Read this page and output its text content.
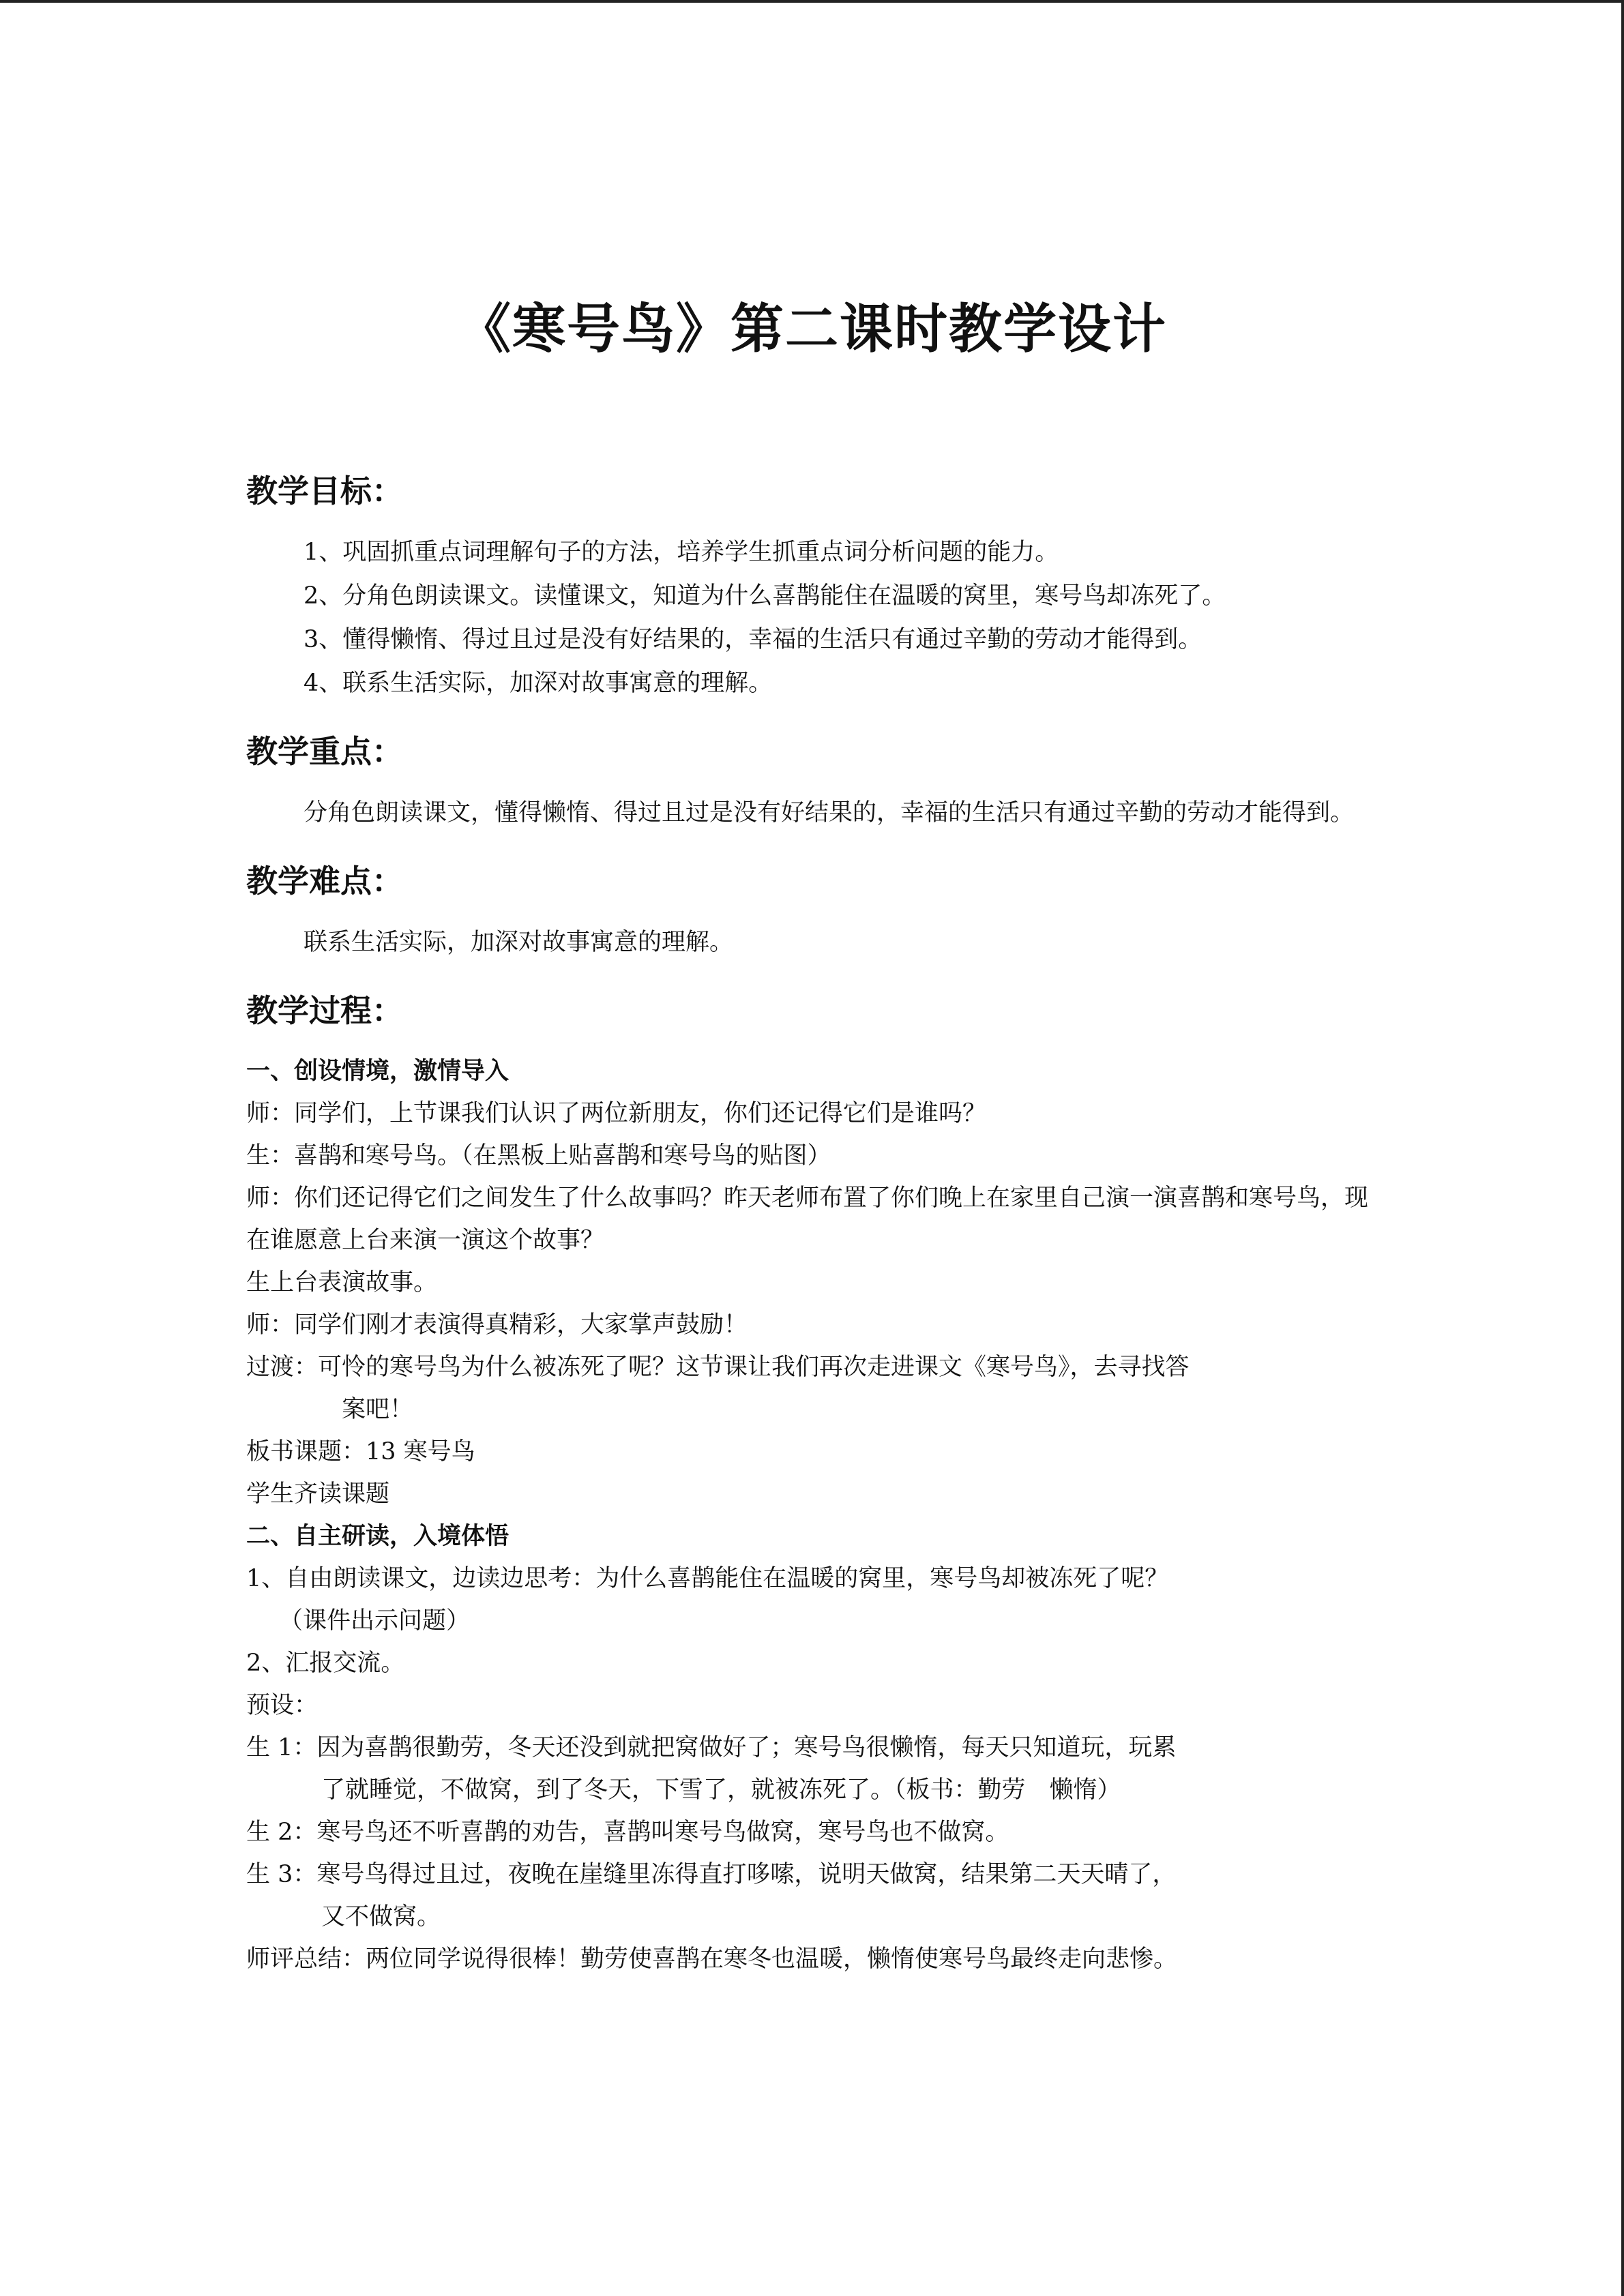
《寒号鸟》第二课时教学设计

教学目标：

1、巩固抓重点词理解句子的方法，培养学生抓重点词分析问题的能力。

2、分角色朗读课文。读懂课文，知道为什么喜鹊能住在温暖的窝里，寒号鸟却冻死了。

3、懂得懒惰、得过且过是没有好结果的，幸福的生活只有通过辛勤的劳动才能得到。

4、联系生活实际，加深对故事寓意的理解。

教学重点：

分角色朗读课文，懂得懒惰、得过且过是没有好结果的，幸福的生活只有通过辛勤的劳动才能得到。

教学难点：

联系生活实际，加深对故事寓意的理解。

教学过程：

一、创设情境，激情导入

师：同学们，上节课我们认识了两位新朋友，你们还记得它们是谁吗？

生：喜鹊和寒号鸟。（在黑板上贴喜鹊和寒号鸟的贴图）

师：你们还记得它们之间发生了什么故事吗？昨天老师布置了你们晚上在家里自己演一演喜鹊和寒号鸟，现在谁愿意上台来演一演这个故事？

生上台表演故事。

师：同学们刚才表演得真精彩，大家掌声鼓励！

过渡：可怜的寒号鸟为什么被冻死了呢？这节课让我们再次走进课文《寒号鸟》，去寻找答

案吧！

板书课题：13 寒号鸟

学生齐读课题

二、自主研读，入境体悟

1、自由朗读课文，边读边思考：为什么喜鹊能住在温暖的窝里，寒号鸟却被冻死了呢？

（课件出示问题）

2、汇报交流。

预设：

生 1：因为喜鹊很勤劳，冬天还没到就把窝做好了；寒号鸟很懒惰，每天只知道玩，玩累

了就睡觉，不做窝，到了冬天，下雪了，就被冻死了。（板书：勤劳　懒惰）

生 2：寒号鸟还不听喜鹊的劝告，喜鹊叫寒号鸟做窝，寒号鸟也不做窝。

生 3：寒号鸟得过且过，夜晚在崖缝里冻得直打哆嗦，说明天做窝，结果第二天天晴了，

又不做窝。

师评总结：两位同学说得很棒！勤劳使喜鹊在寒冬也温暖，懒惰使寒号鸟最终走向悲惨。
